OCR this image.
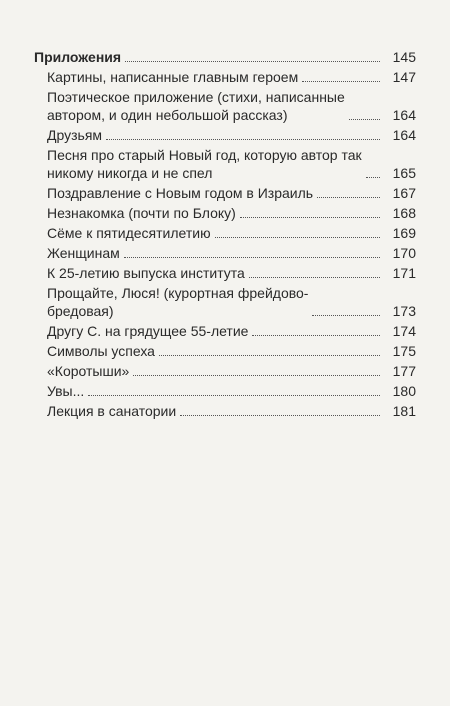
Приложения	145
Картины, написанные главным героем	147
Поэтическое приложение (стихи, написанные
автором, и один небольшой рассказ)	164
Друзьям	164
Песня про старый Новый год, которую автор так
никому никогда и не спел	165
Поздравление с Новым годом в Израиль	167
Незнакомка (почти по Блоку)	168
Сёме к пятидесятилетию	169
Женщинам	170
К 25-летию выпуска института	171
Прощайте, Люся! (курортная фрейдово-
бредовая)	173
Другу С. на грядущее 55-летие	174
Символы успеха	175
«Коротыши»	177
Увы...	180
Лекция в санатории	181
